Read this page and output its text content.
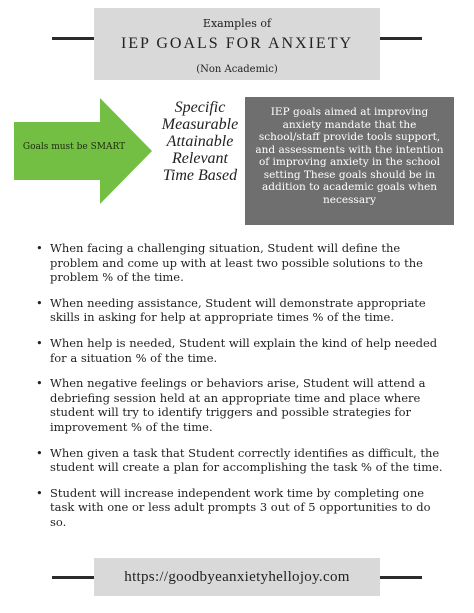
Examples of
IEP GOALS FOR ANXIETY
(Non Academic)
Goals must be SMART
Specific
Measurable
Attainable
Relevant
Time Based
IEP goals aimed at improving anxiety mandate that the school/staff provide tools support, and assessments with the intention of improving anxiety in the school setting These goals should be in addition to academic goals when necessary
• When facing a challenging situation, Student will define the problem and come up with at least two possible solutions to the problem % of the time.
• When needing assistance, Student will demonstrate appropriate skills in asking for help at appropriate times % of the time.
• When help is needed, Student will explain the kind of help needed for a situation % of the time.
• When negative feelings or behaviors arise, Student will attend a debriefing session held at an appropriate time and place where student will try to identify triggers and possible strategies for improvement % of the time.
• When given a task that Student correctly identifies as difficult, the student will create a plan for accomplishing the task % of the time.
• Student will increase independent work time by completing one task with one or less adult prompts 3 out of 5 opportunities to do so.
https://goodbyeanxietyhellojoy.com
